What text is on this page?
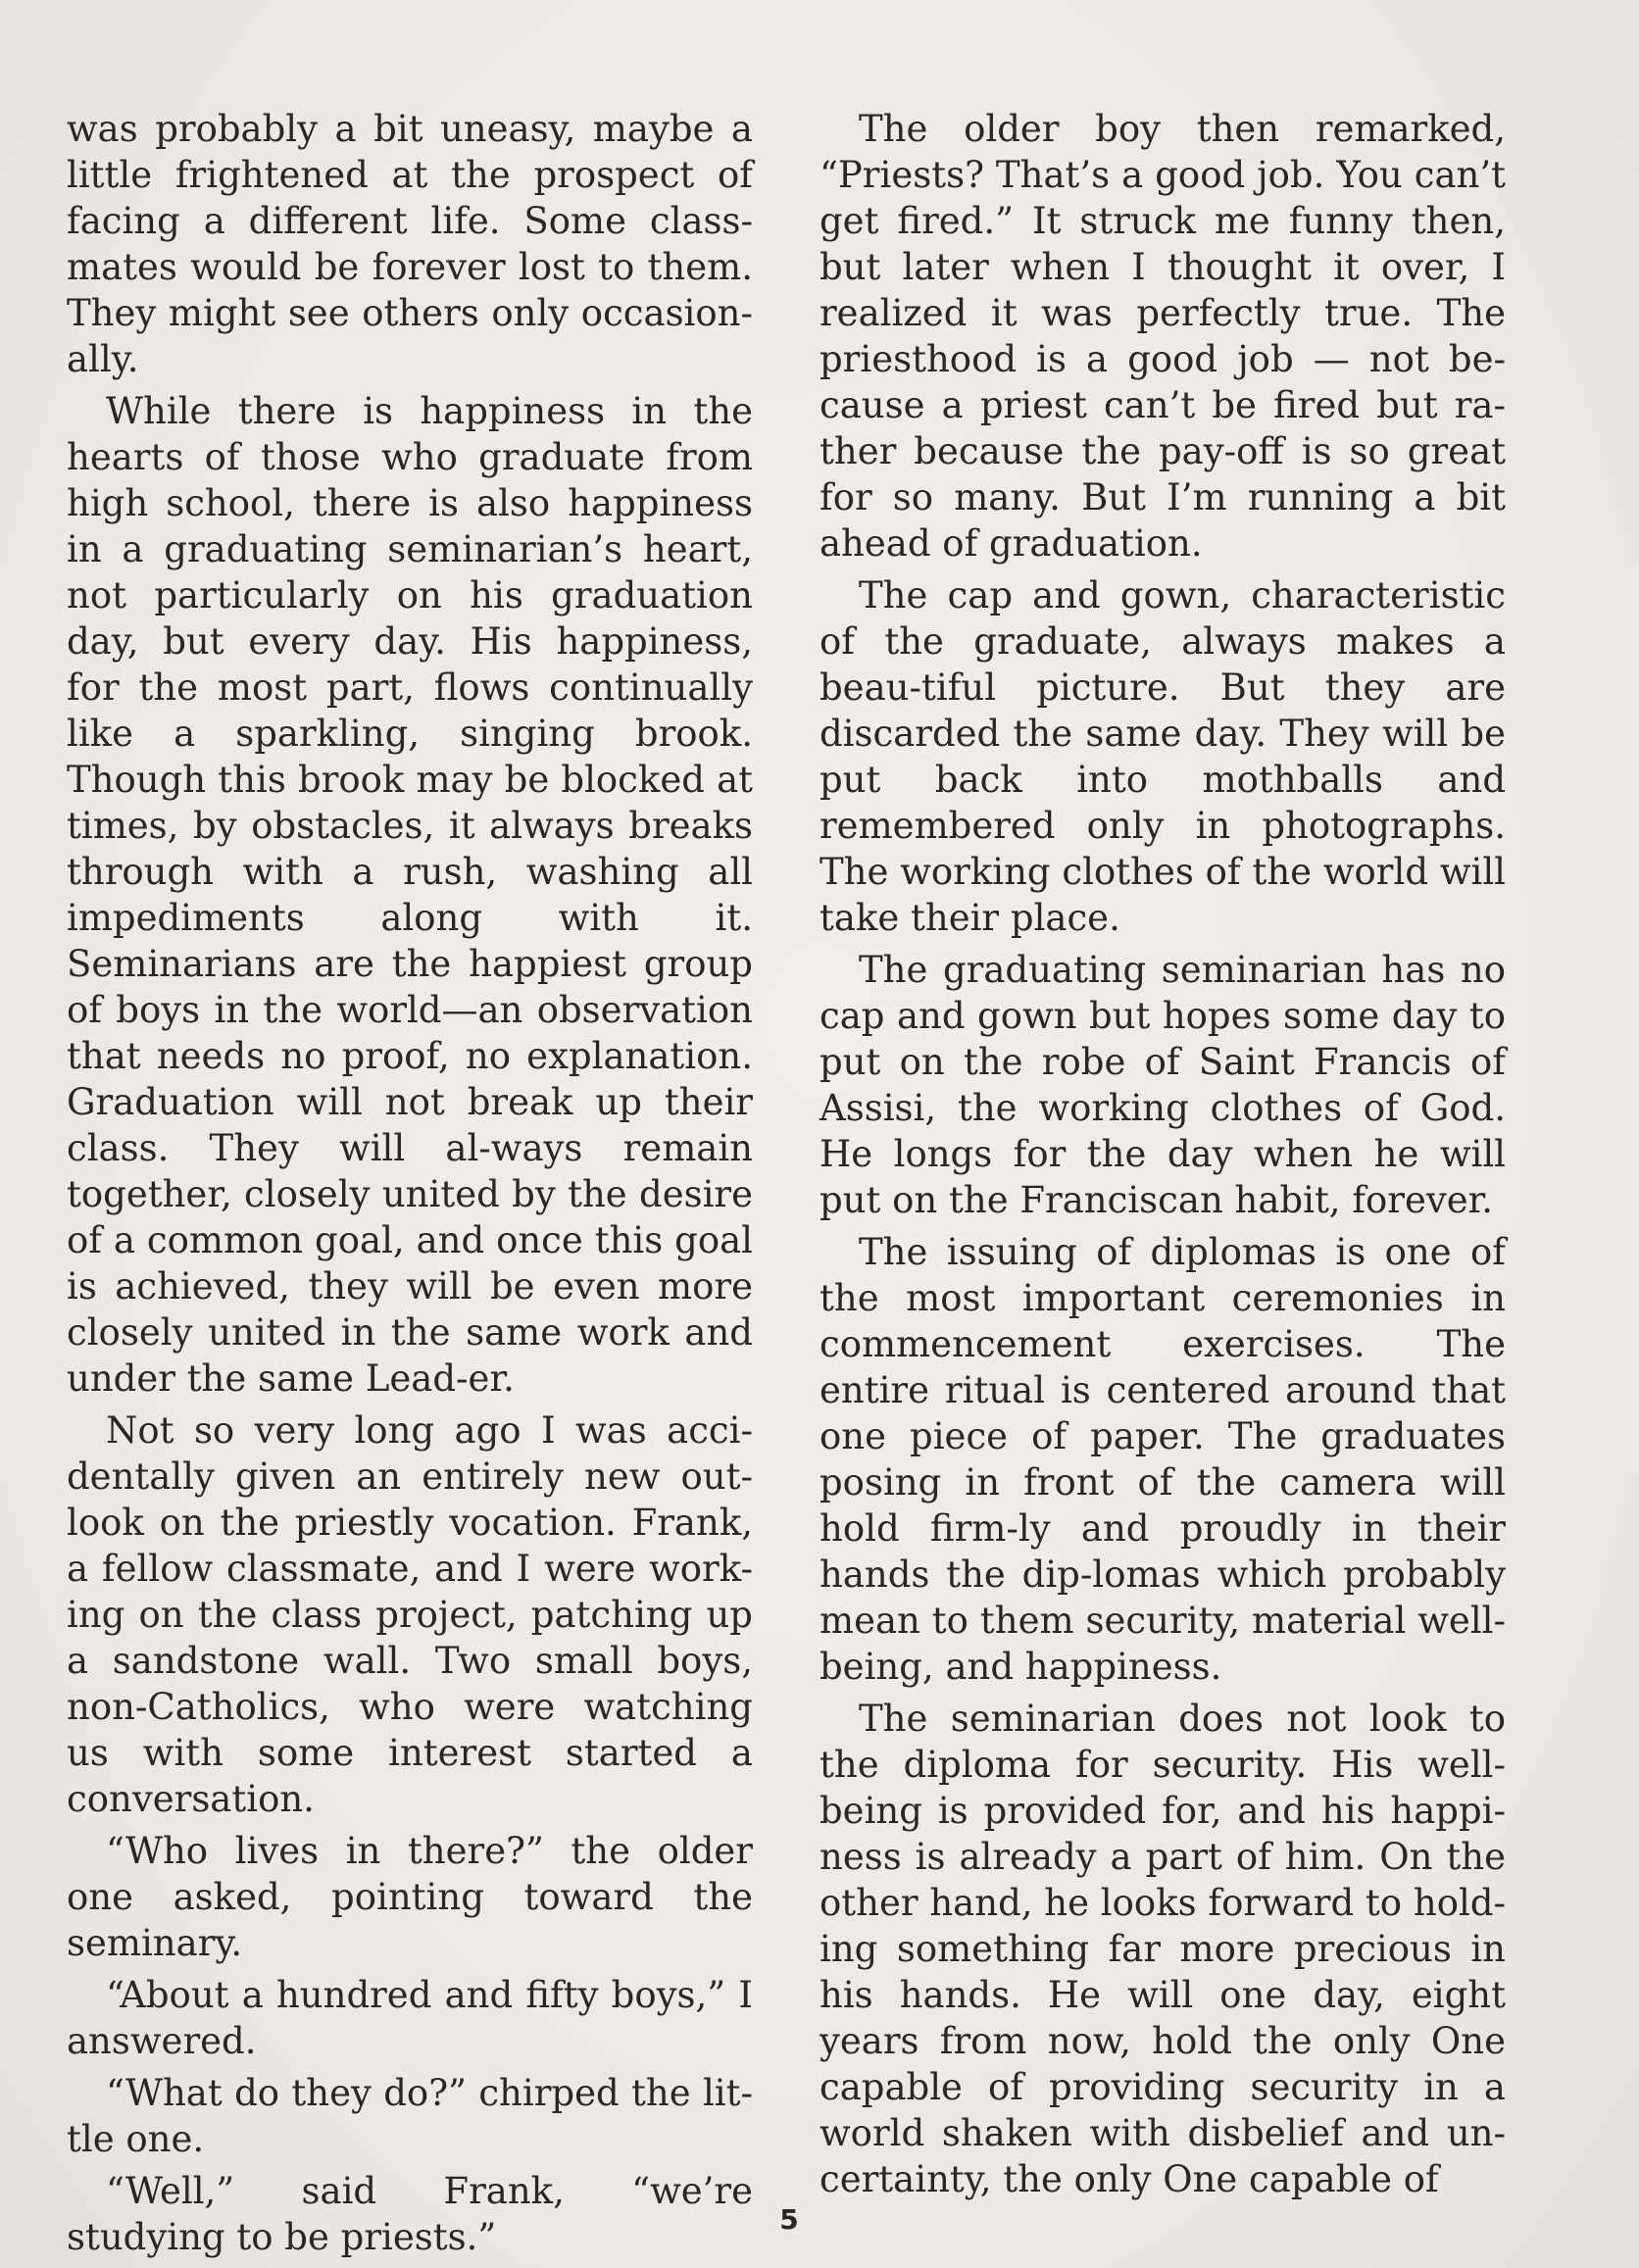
was probably a bit uneasy, maybe a little frightened at the prospect of facing a different life. Some class-mates would be forever lost to them. They might see others only occasion-ally.

While there is happiness in the hearts of those who graduate from high school, there is also happiness in a graduating seminarian’s heart, not particularly on his graduation day, but every day. His happiness, for the most part, flows continually like a sparkling, singing brook. Though this brook may be blocked at times, by obstacles, it always breaks through with a rush, washing all impediments along with it. Seminarians are the happiest group of boys in the world—an observation that needs no proof, no explanation. Graduation will not break up their class. They will al-ways remain together, closely united by the desire of a common goal, and once this goal is achieved, they will be even more closely united in the same work and under the same Lead-er.

Not so very long ago I was acci-dentally given an entirely new out-look on the priestly vocation. Frank, a fellow classmate, and I were work-ing on the class project, patching up a sandstone wall. Two small boys, non-Catholics, who were watching us with some interest started a conversation.

“Who lives in there?” the older one asked, pointing toward the seminary.

“About a hundred and fifty boys,” I answered.

“What do they do?” chirped the lit-tle one.

“Well,” said Frank, “we’re studying to be priests.”

The older boy then remarked, “Priests? That’s a good job. You can’t get fired.” It struck me funny then, but later when I thought it over, I realized it was perfectly true. The priesthood is a good job — not be-cause a priest can’t be fired but ra-ther because the pay-off is so great for so many. But I’m running a bit ahead of graduation.

The cap and gown, characteristic of the graduate, always makes a beau-tiful picture. But they are discarded the same day. They will be put back into mothballs and remembered only in photographs. The working clothes of the world will take their place.

The graduating seminarian has no cap and gown but hopes some day to put on the robe of Saint Francis of Assisi, the working clothes of God. He longs for the day when he will put on the Franciscan habit, forever.

The issuing of diplomas is one of the most important ceremonies in commencement exercises. The entire ritual is centered around that one piece of paper. The graduates posing in front of the camera will hold firm-ly and proudly in their hands the dip-lomas which probably mean to them security, material well-being, and happiness.

The seminarian does not look to the diploma for security. His well-being is provided for, and his happi-ness is already a part of him. On the other hand, he looks forward to hold-ing something far more precious in his hands. He will one day, eight years from now, hold the only One capable of providing security in a world shaken with disbelief and un-certainty, the only One capable of

5
